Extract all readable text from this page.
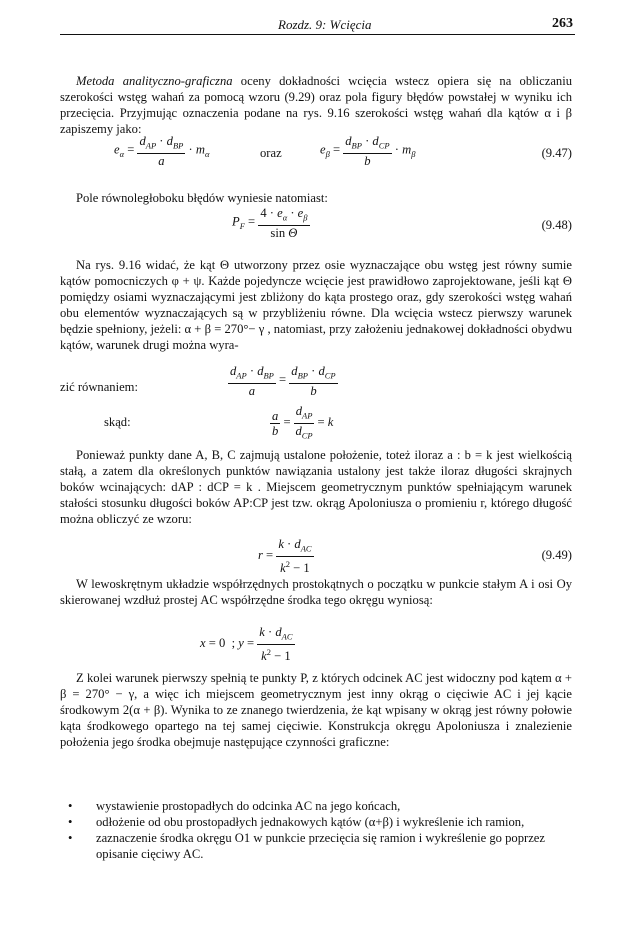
Rozdz. 9: Wcięcia	263

Metoda analityczno-graficzna oceny dokładności wcięcia wstecz opiera się na obliczaniu szerokości wstęg wahań za pomocą wzoru (9.29) oraz pola figury błędów powstałej w wyniku ich przecięcia. Przyjmując oznaczenia podane na rys. 9.16 szerokości wstęg wahań dla kątów α i β zapiszemy jako:

$e_\alpha = \frac{d_{AP} \cdot d_{BP}}{a} \cdot m_\alpha$	oraz	$e_\beta = \frac{d_{BP} \cdot d_{CP}}{b} \cdot m_\beta$	(9.47)

Pole równoległoboku błędów wyniesie natomiast:

$P_F = \frac{4 \cdot e_\alpha \cdot e_\beta}{\text{sin Θ}}$	(9.48)

Na rys. 9.16 widać, że kąt Θ utworzony przez osie wyznaczające obu wstęg jest równy sumie kątów pomocniczych φ + ψ. Każde pojedyncze wcięcie jest prawidłowo zaprojektowane, jeśli kąt Θ pomiędzy osiami wyznaczającymi jest zbliżony do kąta prostego oraz, gdy szerokości wstęg wahań obu elementów wyznaczających są w przybliżeniu równe. Dla wcięcia wstecz pierwszy warunek będzie spełniony, jeżeli: α + β = 270°− γ , natomiast, przy założeniu jednakowej dokładności obydwu kątów, warunek drugi można wyra-

zić równaniem:	$\frac{d_{AP} \cdot d_{BP}}{a} = \frac{d_{BP} \cdot d_{CP}}{b}$
skąd:	$\frac{a}{b} = \frac{d_{AP}}{d_{CP}} = k$

Ponieważ punkty dane A, B, C zajmują ustalone położenie, toteż iloraz a : b = k jest wielkością stałą, a zatem dla określonych punktów nawiązania ustalony jest także iloraz długości skrajnych boków wcinających: dAP : dCP = k . Miejscem geometrycznym punktów spełniającym warunek stałości stosunku długości boków AP:CP jest tzw. okrąg Apoloniusza o promieniu r, którego długość można obliczyć ze wzoru:

$r = \frac{k \cdot d_{AC}}{k^2 - 1}$	(9.49)

W lewoskrętnym układzie współrzędnych prostokątnych o początku w punkcie stałym A i osi Oy skierowanej wzdłuż prostej AC współrzędne środka tego okręgu wyniosą:

x = 0  ; $y = \frac{k \cdot d_{AC}}{k^2 - 1}$

Z kolei warunek pierwszy spełnią te punkty P, z których odcinek AC jest widoczny pod kątem α + β = 270° − γ, a więc ich miejscem geometrycznym jest inny okrąg o cięciwie AC i jej kącie środkowym 2(α + β). Wynika to ze znanego twierdzenia, że kąt wpisany w okrąg jest równy połowie kąta środkowego opartego na tej samej cięciwie. Konstrukcja okręgu Apoloniusza i znalezienie położenia jego środka obejmuje następujące czynności graficzne:

• wystawienie prostopadłych do odcinka AC na jego końcach,
• odłożenie od obu prostopadłych jednakowych kątów (α+β) i wykreślenie ich ramion,
• zaznaczenie środka okręgu O1 w punkcie przecięcia się ramion i wykreślenie go poprzez opisanie cięciwy AC.
